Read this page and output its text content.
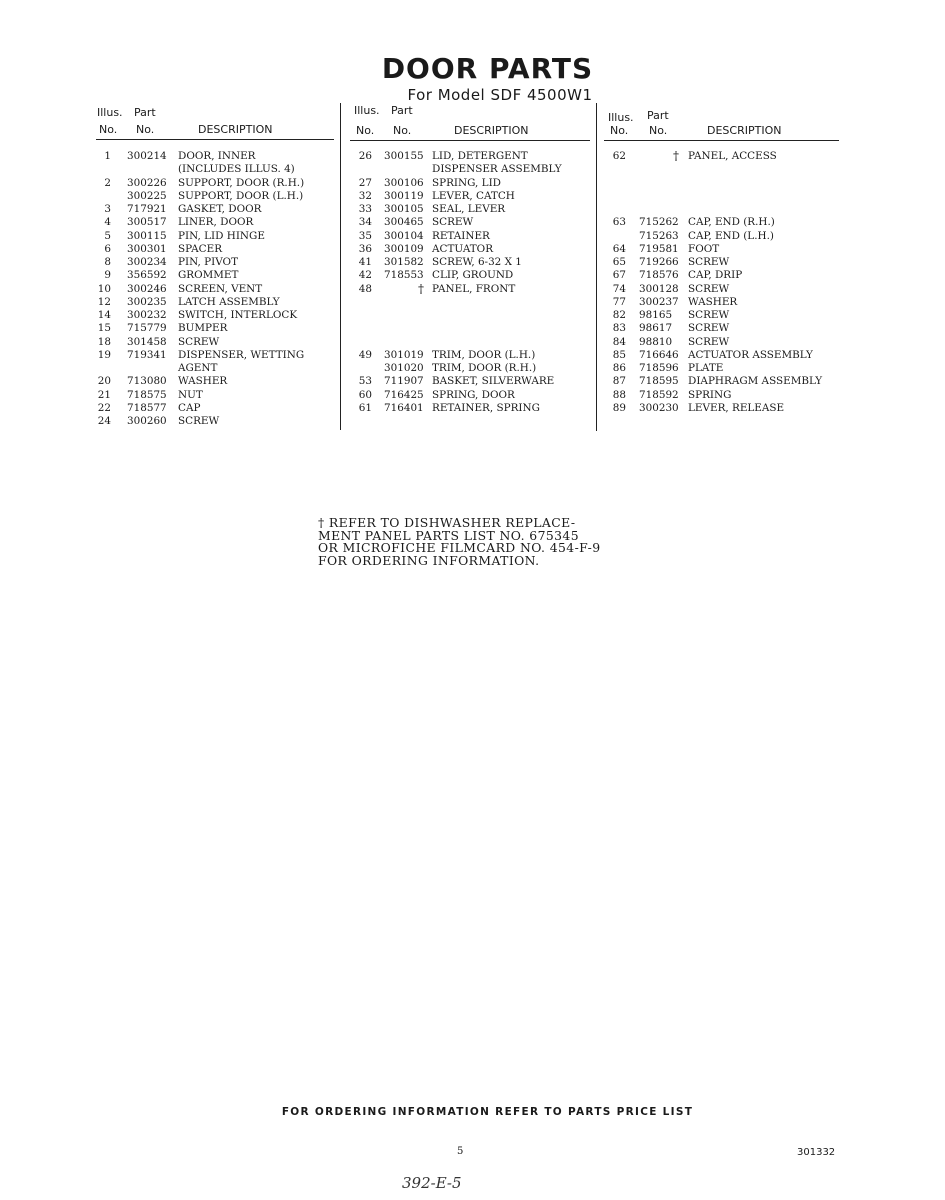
DOOR PARTS
For Model SDF 4500W1
Illus. Part
No. No.	DESCRIPTION
Illus. Part
No. No.	DESCRIPTION
Illus. Part
No. No.	DESCRIPTION
1 300214 DOOR, INNER
(INCLUDES ILLUS. 4)
2 300226 SUPPORT, DOOR (R.H.)
300225 SUPPORT, DOOR (L.H.)
3 717921 GASKET, DOOR
4 300517 LINER, DOOR
5 300115 PIN, LID HINGE
6 300301 SPACER
8 300234 PIN, PIVOT
9 356592 GROMMET
10 300246 SCREEN, VENT
12 300235 LATCH ASSEMBLY
14 300232 SWITCH, INTERLOCK
15 715779 BUMPER
18 301458 SCREW
19 719341 DISPENSER, WETTING
AGENT
20 713080 WASHER
21 718575 NUT
22 718577 CAP
24 300260 SCREW
26 300155 LID, DETERGENT
DISPENSER ASSEMBLY
27 300106 SPRING, LID
32 300119 LEVER, CATCH
33 300105 SEAL, LEVER
34 300465 SCREW
35 300104 RETAINER
36 300109 ACTUATOR
41 301582 SCREW, 6-32 X 1
42 718553 CLIP, GROUND
48	† PANEL, FRONT
49 301019 TRIM, DOOR (L.H.)
301020 TRIM, DOOR (R.H.)
53 711907 BASKET, SILVERWARE
60 716425 SPRING, DOOR
61 716401 RETAINER, SPRING
62	† PANEL, ACCESS
63 715262 CAP, END (R.H.)
715263 CAP, END (L.H.)
64 719581 FOOT
65 719266 SCREW
67 718576 CAP, DRIP
74 300128 SCREW
77 300237 WASHER
82 98165 SCREW
83 98617 SCREW
84 98810 SCREW
85 716646 ACTUATOR ASSEMBLY
86 718596 PLATE
87 718595 DIAPHRAGM ASSEMBLY
88 718592 SPRING
89 300230 LEVER, RELEASE
† REFER TO DISHWASHER REPLACE-
MENT PANEL PARTS LIST NO. 675345
OR MICROFICHE FILMCARD NO. 454-F-9
FOR ORDERING INFORMATION.
FOR ORDERING INFORMATION REFER TO PARTS PRICE LIST
5	301332
392-E-5
